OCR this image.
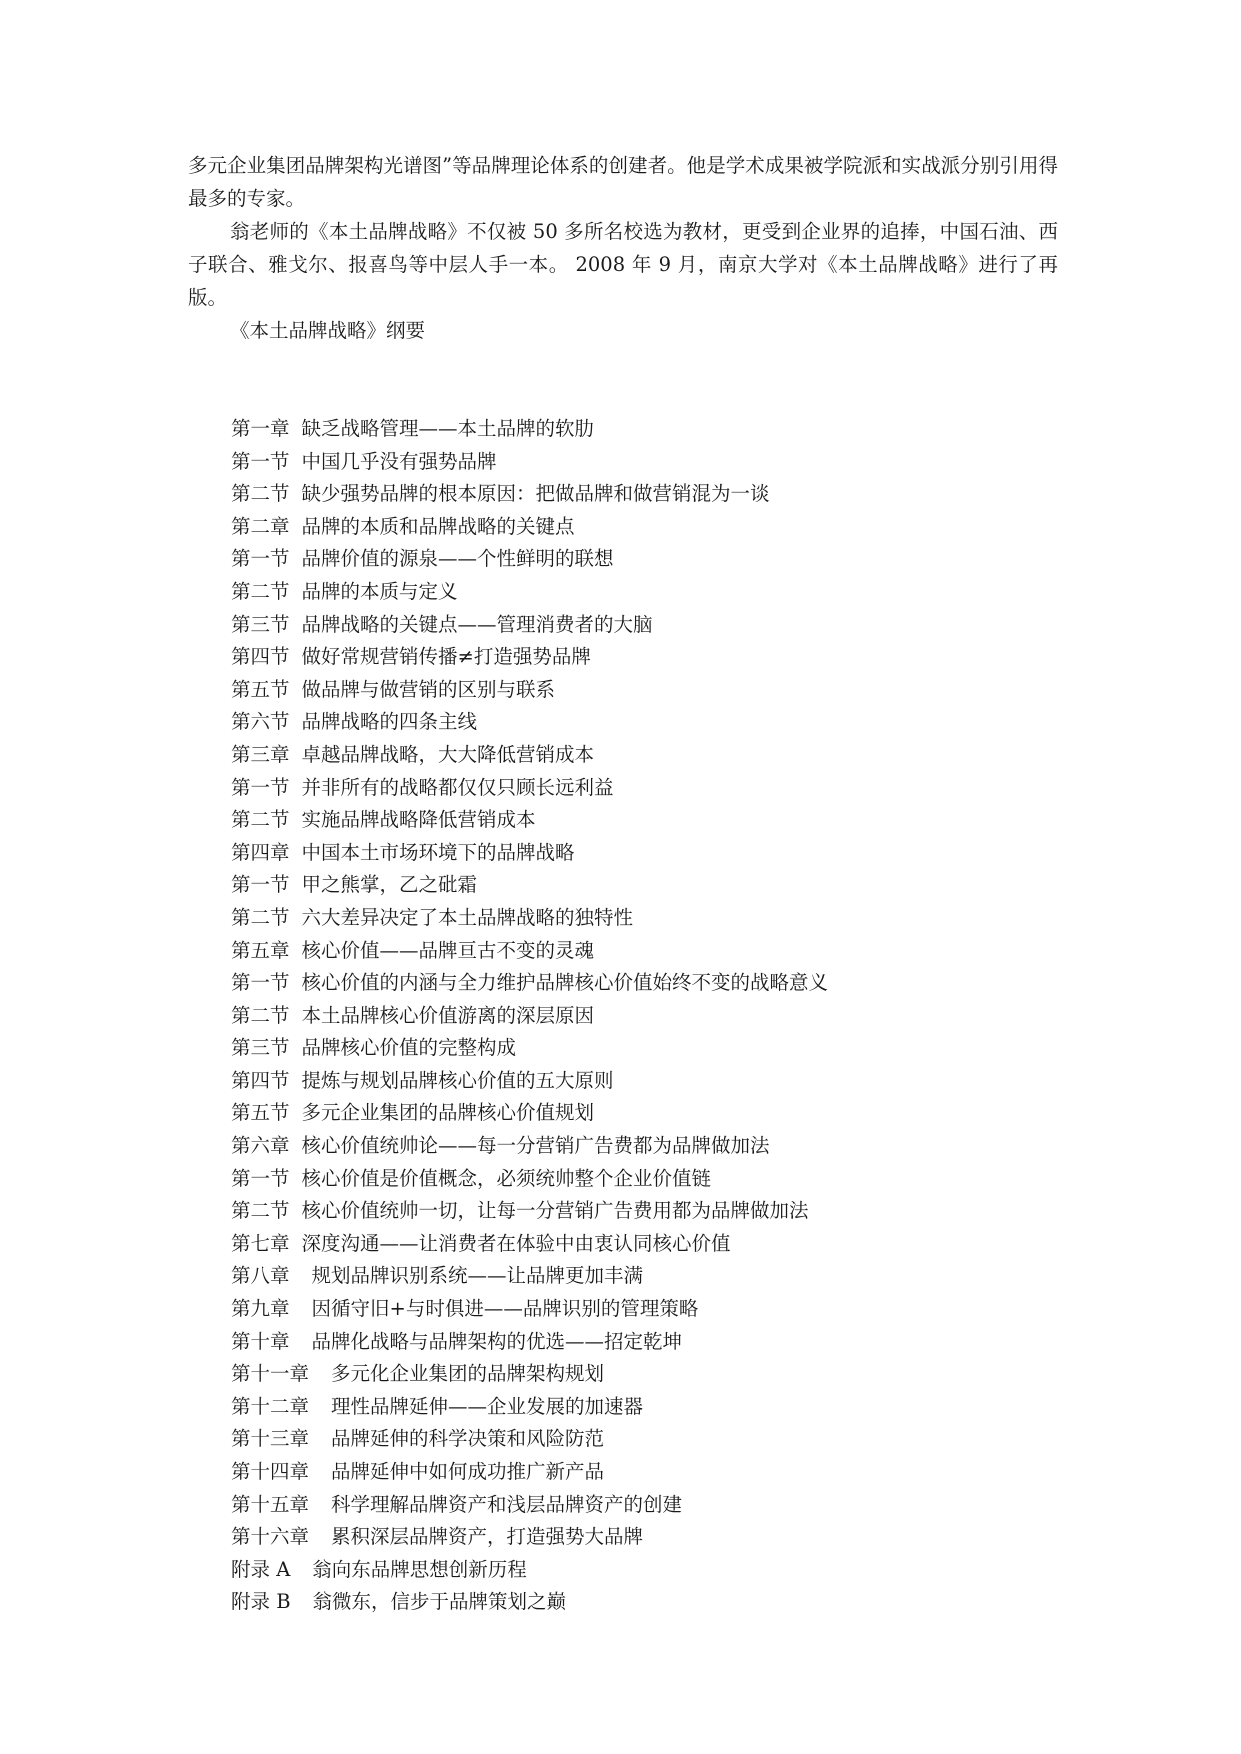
多元企业集团品牌架构光谱图”等品牌理论体系的创建者。他是学术成果被学院派和实战派分别引用得最多的专家。

翁老师的《本土品牌战略》不仅被 50 多所名校选为教材，更受到企业界的追捧，中国石油、西子联合、雅戈尔、报喜鸟等中层人手一本。 2008 年 9 月，南京大学对《本土品牌战略》进行了再版。

《本土品牌战略》纲要

第一章 缺乏战略管理——本土品牌的软肋
第一节 中国几乎没有强势品牌
第二节 缺少强势品牌的根本原因：把做品牌和做营销混为一谈
第二章 品牌的本质和品牌战略的关键点
第一节 品牌价值的源泉——个性鲜明的联想
第二节 品牌的本质与定义
第三节 品牌战略的关键点——管理消费者的大脑
第四节 做好常规营销传播≠打造强势品牌
第五节 做品牌与做营销的区别与联系
第六节 品牌战略的四条主线
第三章 卓越品牌战略，大大降低营销成本
第一节 并非所有的战略都仅仅只顾长远利益
第二节 实施品牌战略降低营销成本
第四章 中国本土市场环境下的品牌战略
第一节 甲之熊掌，乙之砒霜
第二节 六大差异决定了本土品牌战略的独特性
第五章 核心价值——品牌亘古不变的灵魂
第一节 核心价值的内涵与全力维护品牌核心价值始终不变的战略意义
第二节 本土品牌核心价值游离的深层原因
第三节 品牌核心价值的完整构成
第四节 提炼与规划品牌核心价值的五大原则
第五节 多元企业集团的品牌核心价值规划
第六章 核心价值统帅论——每一分营销广告费都为品牌做加法
第一节 核心价值是价值概念，必须统帅整个企业价值链
第二节 核心价值统帅一切，让每一分营销广告费用都为品牌做加法
第七章 深度沟通——让消费者在体验中由衷认同核心价值
第八章 规划品牌识别系统——让品牌更加丰满
第九章 因循守旧+与时俱进——品牌识别的管理策略
第十章 品牌化战略与品牌架构的优选——招定乾坤
第十一章 多元化企业集团的品牌架构规划
第十二章 理性品牌延伸——企业发展的加速器
第十三章 品牌延伸的科学决策和风险防范
第十四章 品牌延伸中如何成功推广新产品
第十五章 科学理解品牌资产和浅层品牌资产的创建
第十六章 累积深层品牌资产，打造强势大品牌
附录 A 翁向东品牌思想创新历程
附录 B 翁微东，信步于品牌策划之巅
